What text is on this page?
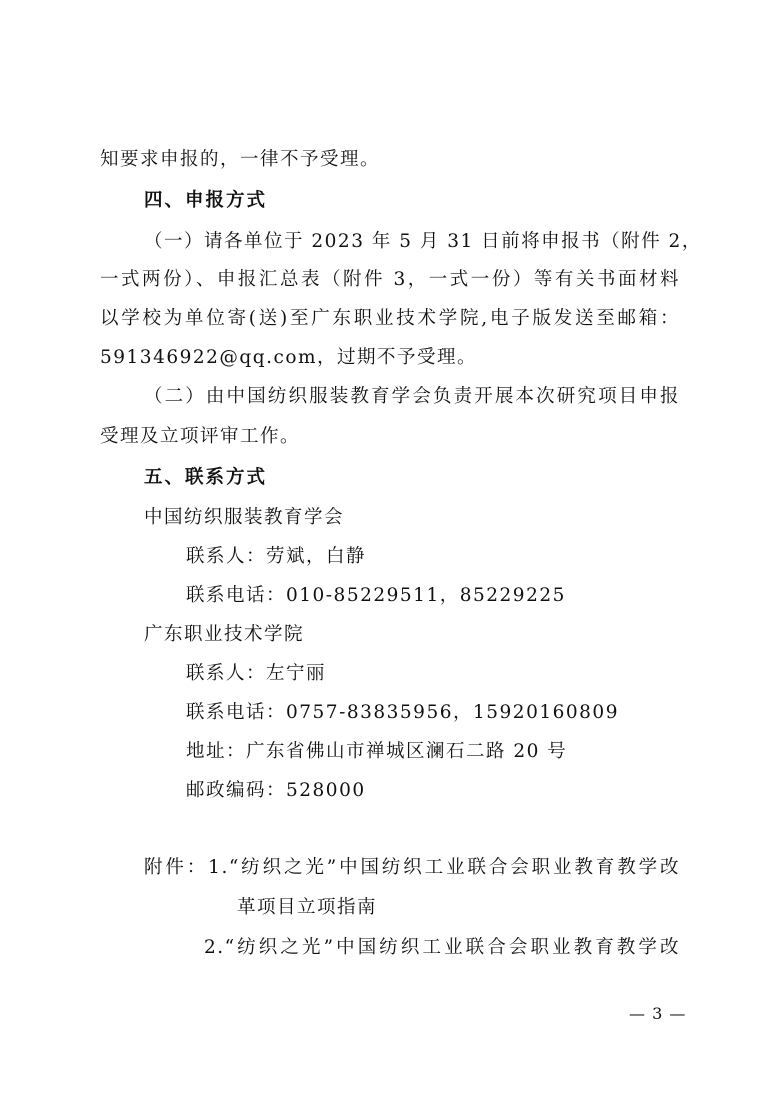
知要求申报的，一律不予受理。
四、申报方式
（一）请各单位于 2023 年 5 月 31 日前将申报书（附件 2，
一式两份）、申报汇总表（附件 3，一式一份）等有关书面材料
以学校为单位寄(送)至广东职业技术学院,电子版发送至邮箱：
591346922@qq.com，过期不予受理。
（二）由中国纺织服装教育学会负责开展本次研究项目申报
受理及立项评审工作。
五、联系方式
中国纺织服装教育学会
联系人：劳斌，白静
联系电话：010-85229511，85229225
广东职业技术学院
联系人：左宁丽
联系电话：0757-83835956，15920160809
地址：广东省佛山市禅城区澜石二路 20 号
邮政编码：528000
附件：1.“纺织之光”中国纺织工业联合会职业教育教学改
革项目立项指南
2.“纺织之光”中国纺织工业联合会职业教育教学改
— 3 —
